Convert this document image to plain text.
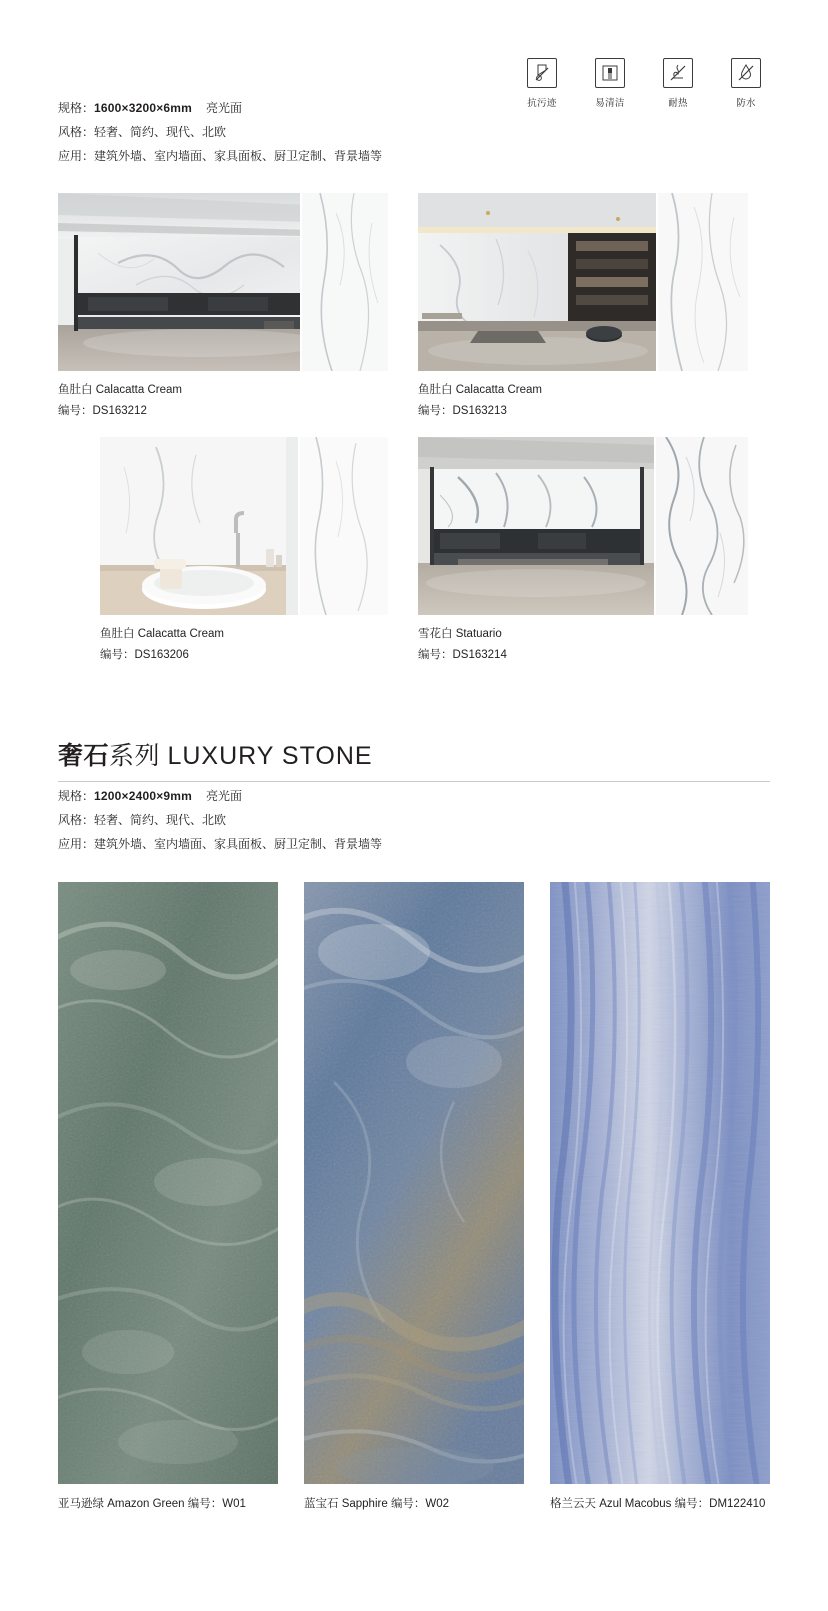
抗污迹	易清洁	耐热	防水
规格：1600×3200×6mm 亮光面
风格：轻奢、简约、现代、北欧
应用：建筑外墙、室内墙面、家具面板、厨卫定制、背景墙等
鱼肚白 Calacatta Cream
编号：DS163212
鱼肚白 Calacatta Cream
编号：DS163213
鱼肚白 Calacatta Cream
编号：DS163206
雪花白 Statuario
编号：DS163214
奢石系列 LUXURY STONE
规格：1200×2400×9mm 亮光面
风格：轻奢、简约、现代、北欧
应用：建筑外墙、室内墙面、家具面板、厨卫定制、背景墙等
亚马逊绿 Amazon Green 编号：W01	蓝宝石 Sapphire 编号：W02	格兰云天 Azul Macobus 编号：DM122410
